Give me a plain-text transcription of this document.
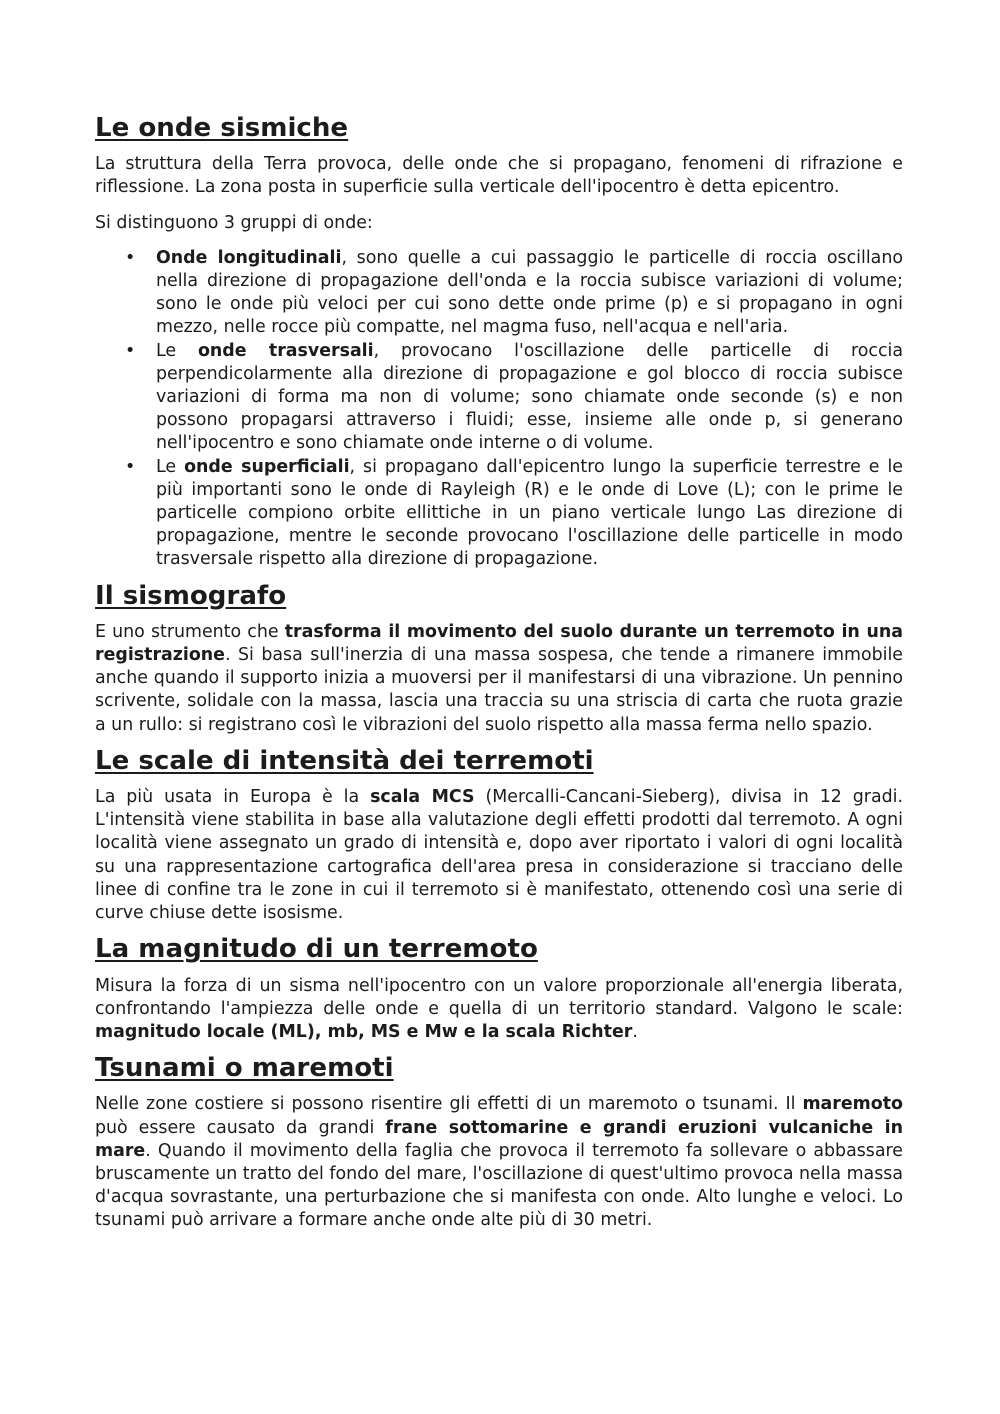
Le onde sismiche

La struttura della Terra provoca, delle onde che si propagano, fenomeni di rifrazione e riflessione. La zona posta in superficie sulla verticale dell'ipocentro è detta epicentro.

Si distinguono 3 gruppi di onde:

• Onde longitudinali, sono quelle a cui passaggio le particelle di roccia oscillano nella direzione di propagazione dell'onda e la roccia subisce variazioni di volume; sono le onde più veloci per cui sono dette onde prime (p) e si propagano in ogni mezzo, nelle rocce più compatte, nel magma fuso, nell'acqua e nell'aria.
• Le onde trasversali, provocano l'oscillazione delle particelle di roccia perpendicolarmente alla direzione di propagazione e gol blocco di roccia subisce variazioni di forma ma non di volume; sono chiamate onde seconde (s) e non possono propagarsi attraverso i fluidi; esse, insieme alle onde p, si generano nell'ipocentro e sono chiamate onde interne o di volume.
• Le onde superficiali, si propagano dall'epicentro lungo la superficie terrestre e le più importanti sono le onde di Rayleigh (R) e le onde di Love (L); con le prime le particelle compiono orbite ellittiche in un piano verticale lungo Las direzione di propagazione, mentre le seconde provocano l'oscillazione delle particelle in modo trasversale rispetto alla direzione di propagazione.
Il sismografo

E uno strumento che trasforma il movimento del suolo durante un terremoto in una registrazione. Si basa sull'inerzia di una massa sospesa, che tende a rimanere immobile anche quando il supporto inizia a muoversi per il manifestarsi di una vibrazione. Un pennino scrivente, solidale con la massa, lascia una traccia su una striscia di carta che ruota grazie a un rullo: si registrano così le vibrazioni del suolo rispetto alla massa ferma nello spazio.

Le scale di intensità dei terremoti

La più usata in Europa è la scala MCS (Mercalli-Cancani-Sieberg), divisa in 12 gradi. L'intensità viene stabilita in base alla valutazione degli effetti prodotti dal terremoto. A ogni località viene assegnato un grado di intensità e, dopo aver riportato i valori di ogni località su una rappresentazione cartografica dell'area presa in considerazione si tracciano delle linee di confine tra le zone in cui il terremoto si è manifestato, ottenendo così una serie di curve chiuse dette isosisme.

La magnitudo di un terremoto

Misura la forza di un sisma nell'ipocentro con un valore proporzionale all'energia liberata, confrontando l'ampiezza delle onde e quella di un territorio standard. Valgono le scale: magnitudo locale (ML), mb, MS e Mw e la scala Richter.

Tsunami o maremoti

Nelle zone costiere si possono risentire gli effetti di un maremoto o tsunami. Il maremoto può essere causato da grandi frane sottomarine e grandi eruzioni vulcaniche in mare. Quando il movimento della faglia che provoca il terremoto fa sollevare o abbassare bruscamente un tratto del fondo del mare, l'oscillazione di quest'ultimo provoca nella massa d'acqua sovrastante, una perturbazione che si manifesta con onde. Alto lunghe e veloci. Lo tsunami può arrivare a formare anche onde alte più di 30 metri.
